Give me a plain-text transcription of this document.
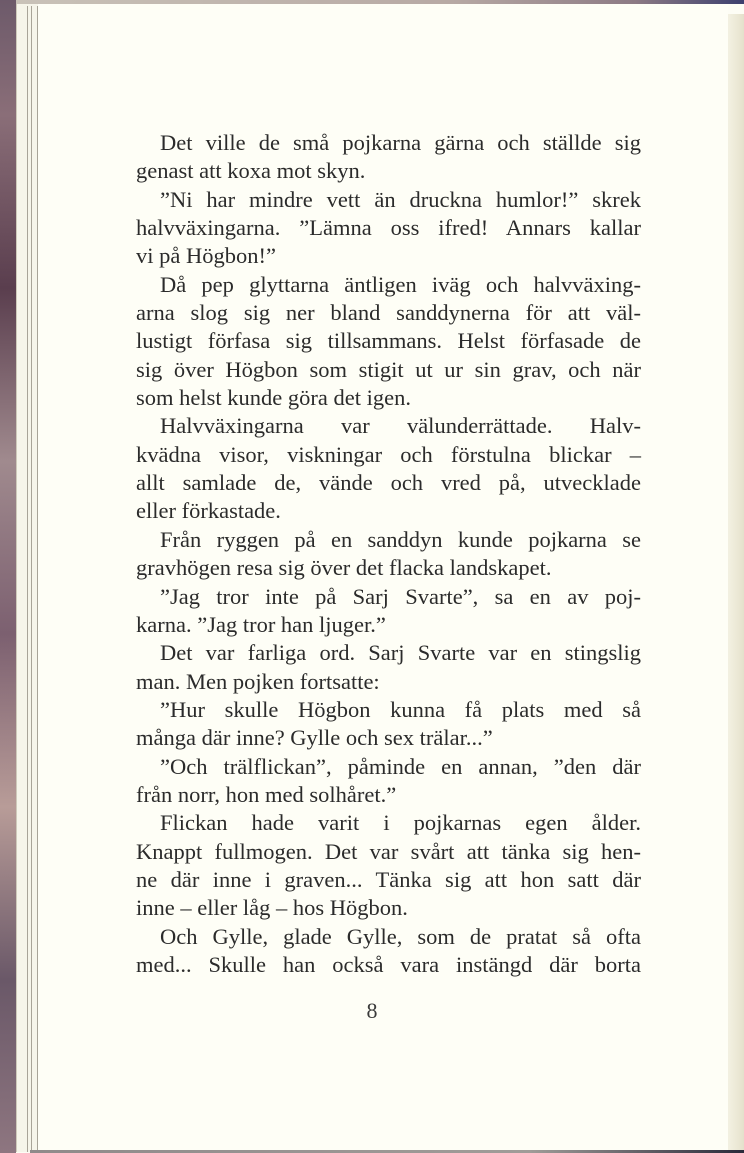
Det ville de små pojkarna gärna och ställde sig
genast att koxa mot skyn.
”Ni har mindre vett än druckna humlor!” skrek
halvväxingarna. ”Lämna oss ifred! Annars kallar
vi på Högbon!”
Då pep glyttarna äntligen iväg och halvväxing-
arna slog sig ner bland sanddynerna för att väl-
lustigt förfasa sig tillsammans. Helst förfasade de
sig över Högbon som stigit ut ur sin grav, och när
som helst kunde göra det igen.
Halvväxingarna var välunderrättade. Halv-
kvädna visor, viskningar och förstulna blickar –
allt samlade de, vände och vred på, utvecklade
eller förkastade.
Från ryggen på en sanddyn kunde pojkarna se
gravhögen resa sig över det flacka landskapet.
”Jag tror inte på Sarj Svarte”, sa en av poj-
karna. ”Jag tror han ljuger.”
Det var farliga ord. Sarj Svarte var en stingslig
man. Men pojken fortsatte:
”Hur skulle Högbon kunna få plats med så
många där inne? Gylle och sex trälar...”
”Och trälflickan”, påminde en annan, ”den där
från norr, hon med solhåret.”
Flickan hade varit i pojkarnas egen ålder.
Knappt fullmogen. Det var svårt att tänka sig hen-
ne där inne i graven... Tänka sig att hon satt där
inne – eller låg – hos Högbon.
Och Gylle, glade Gylle, som de pratat så ofta
med... Skulle han också vara instängd där borta
8
